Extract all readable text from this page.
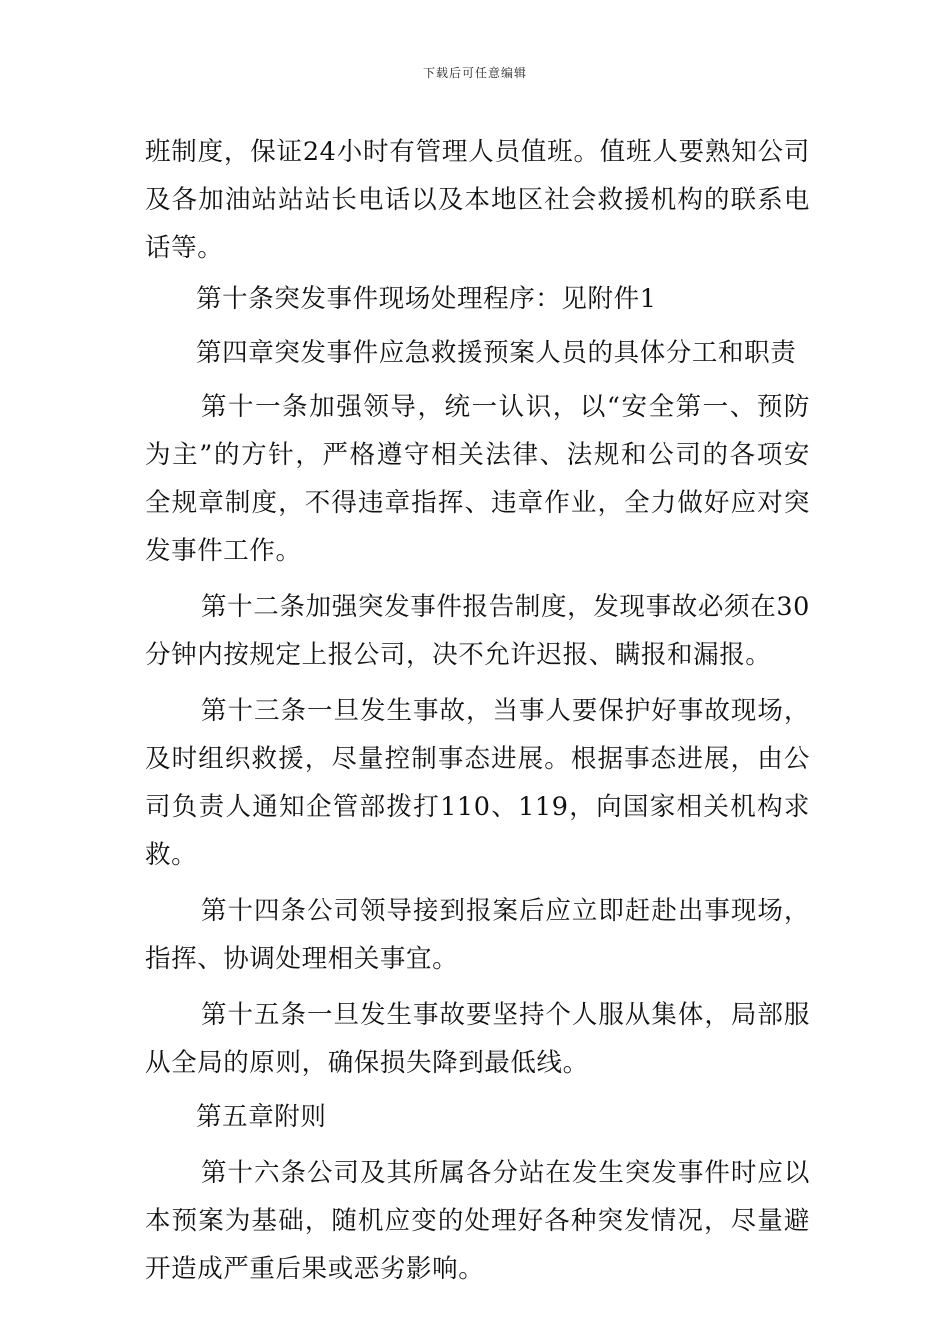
下载后可任意编辑

班制度，保证24小时有管理人员值班。值班人要熟知公司及各加油站站站长电话以及本地区社会救援机构的联系电话等。

第十条突发事件现场处理程序：见附件1

第四章突发事件应急救援预案人员的具体分工和职责

第十一条加强领导，统一认识，以“安全第一、预防为主”的方针，严格遵守相关法律、法规和公司的各项安全规章制度，不得违章指挥、违章作业，全力做好应对突发事件工作。

第十二条加强突发事件报告制度，发现事故必须在30分钟内按规定上报公司，决不允许迟报、瞒报和漏报。

第十三条一旦发生事故，当事人要保护好事故现场，及时组织救援，尽量控制事态进展。根据事态进展，由公司负责人通知企管部拨打110、119，向国家相关机构求救。

第十四条公司领导接到报案后应立即赶赴出事现场，指挥、协调处理相关事宜。

第十五条一旦发生事故要坚持个人服从集体，局部服从全局的原则，确保损失降到最低线。

第五章附则

第十六条公司及其所属各分站在发生突发事件时应以本预案为基础，随机应变的处理好各种突发情况，尽量避开造成严重后果或恶劣影响。
